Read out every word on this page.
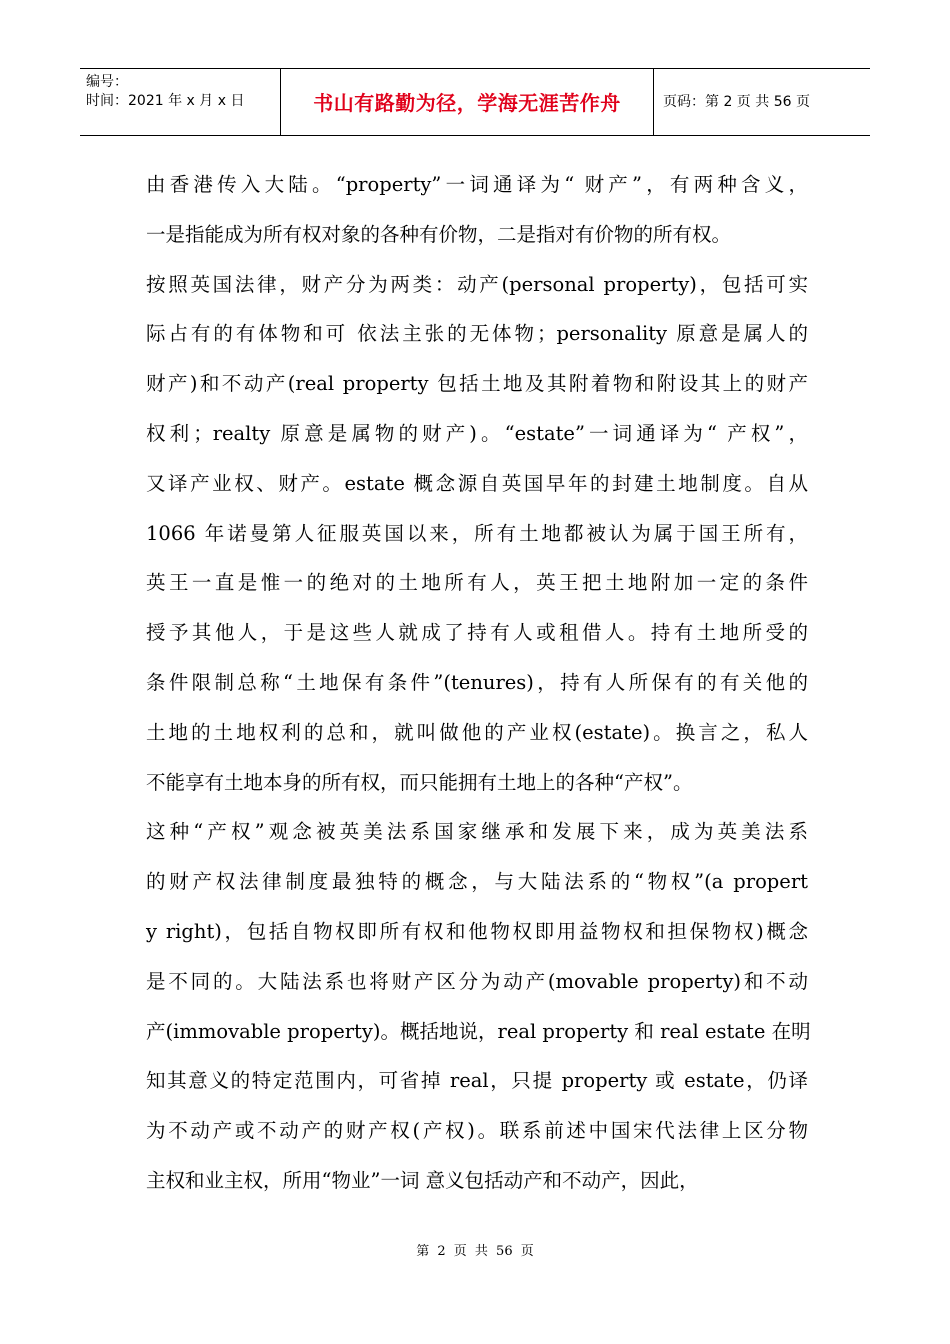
编号：
时间：2021 年 x 月 x 日	书山有路勤为径，学海无涯苦作舟	页码：第 2 页 共 56 页
由香港传入大陆。“property”一词通译为“ 财产”，有两种含义，
一是指能成为所有权对象的各种有价物，二是指对有价物的所有权。
按照英国法律，财产分为两类：动产(personal property)，包括可实
际占有的有体物和可 依法主张的无体物；personality 原意是属人的
财产)和不动产(real property 包括土地及其附着物和附设其上的财产
权利；realty 原意是属物的财产)。“estate”一词通译为“ 产权”，
又译产业权、财产。estate 概念源自英国早年的封建土地制度。自从
1066 年诺曼第人征服英国以来，所有土地都被认为属于国王所有，
英王一直是惟一的绝对的土地所有人，英王把土地附加一定的条件
授予其他人，于是这些人就成了持有人或租借人。持有土地所受的
条件限制总称“土地保有条件”(tenures)，持有人所保有的有关他的
土地的土地权利的总和，就叫做他的产业权(estate)。换言之，私人
不能享有土地本身的所有权，而只能拥有土地上的各种“产权”。
这种“产权”观念被英美法系国家继承和发展下来，成为英美法系
的财产权法律制度最独特的概念，与大陆法系的“物权”(a propert
y right)，包括自物权即所有权和他物权即用益物权和担保物权)概念
是不同的。大陆法系也将财产区分为动产(movable property)和不动
产(immovable property)。概括地说，real property 和 real estate 在明
知其意义的特定范围内，可省掉 real，只提 property 或 estate，仍译
为不动产或不动产的财产权(产权)。联系前述中国宋代法律上区分物
主权和业主权，所用“物业”一词 意义包括动产和不动产，因此，
第 2 页 共 56 页
